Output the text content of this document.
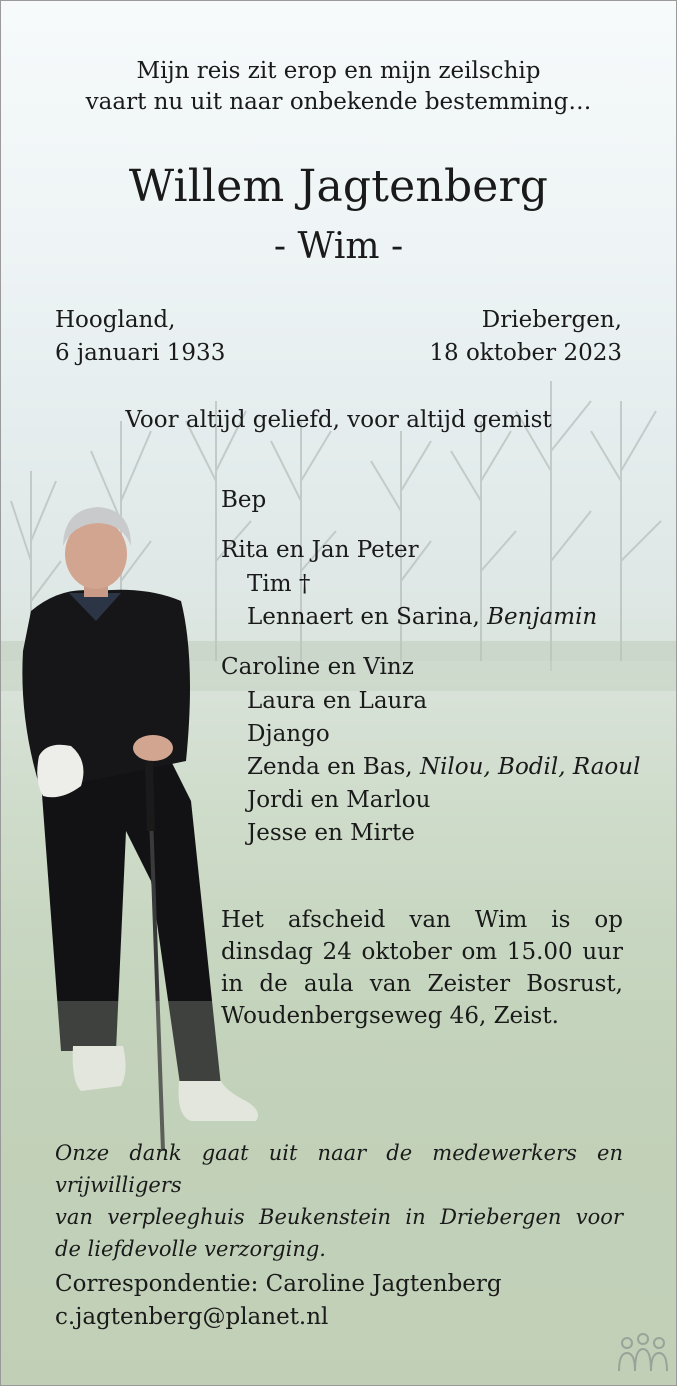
Mijn reis zit erop en mijn zeilschip

vaart nu uit naar onbekende bestemming…

Willem Jagtenberg

- Wim -

Hoogland,

6 januari 1933

Driebergen,

18 oktober 2023

Voor altijd geliefd, voor altijd gemist

Bep

Rita en Jan Peter

Tim †

Lennaert en Sarina, Benjamin

Caroline en Vinz

Laura en Laura

Django

Zenda en Bas, Nilou, Bodil, Raoul

Jordi en Marlou

Jesse en Mirte

Het afscheid van Wim is op
dinsdag 24 oktober om 15.00 uur
in de aula van Zeister Bosrust,
Woudenbergseweg 46, Zeist.
Onze dank gaat uit naar de medewerkers en vrijwilligers
van verpleeghuis Beukenstein in Driebergen voor
de liefdevolle verzorging.

Correspondentie: Caroline Jagtenberg

c.jagtenberg@planet.nl
